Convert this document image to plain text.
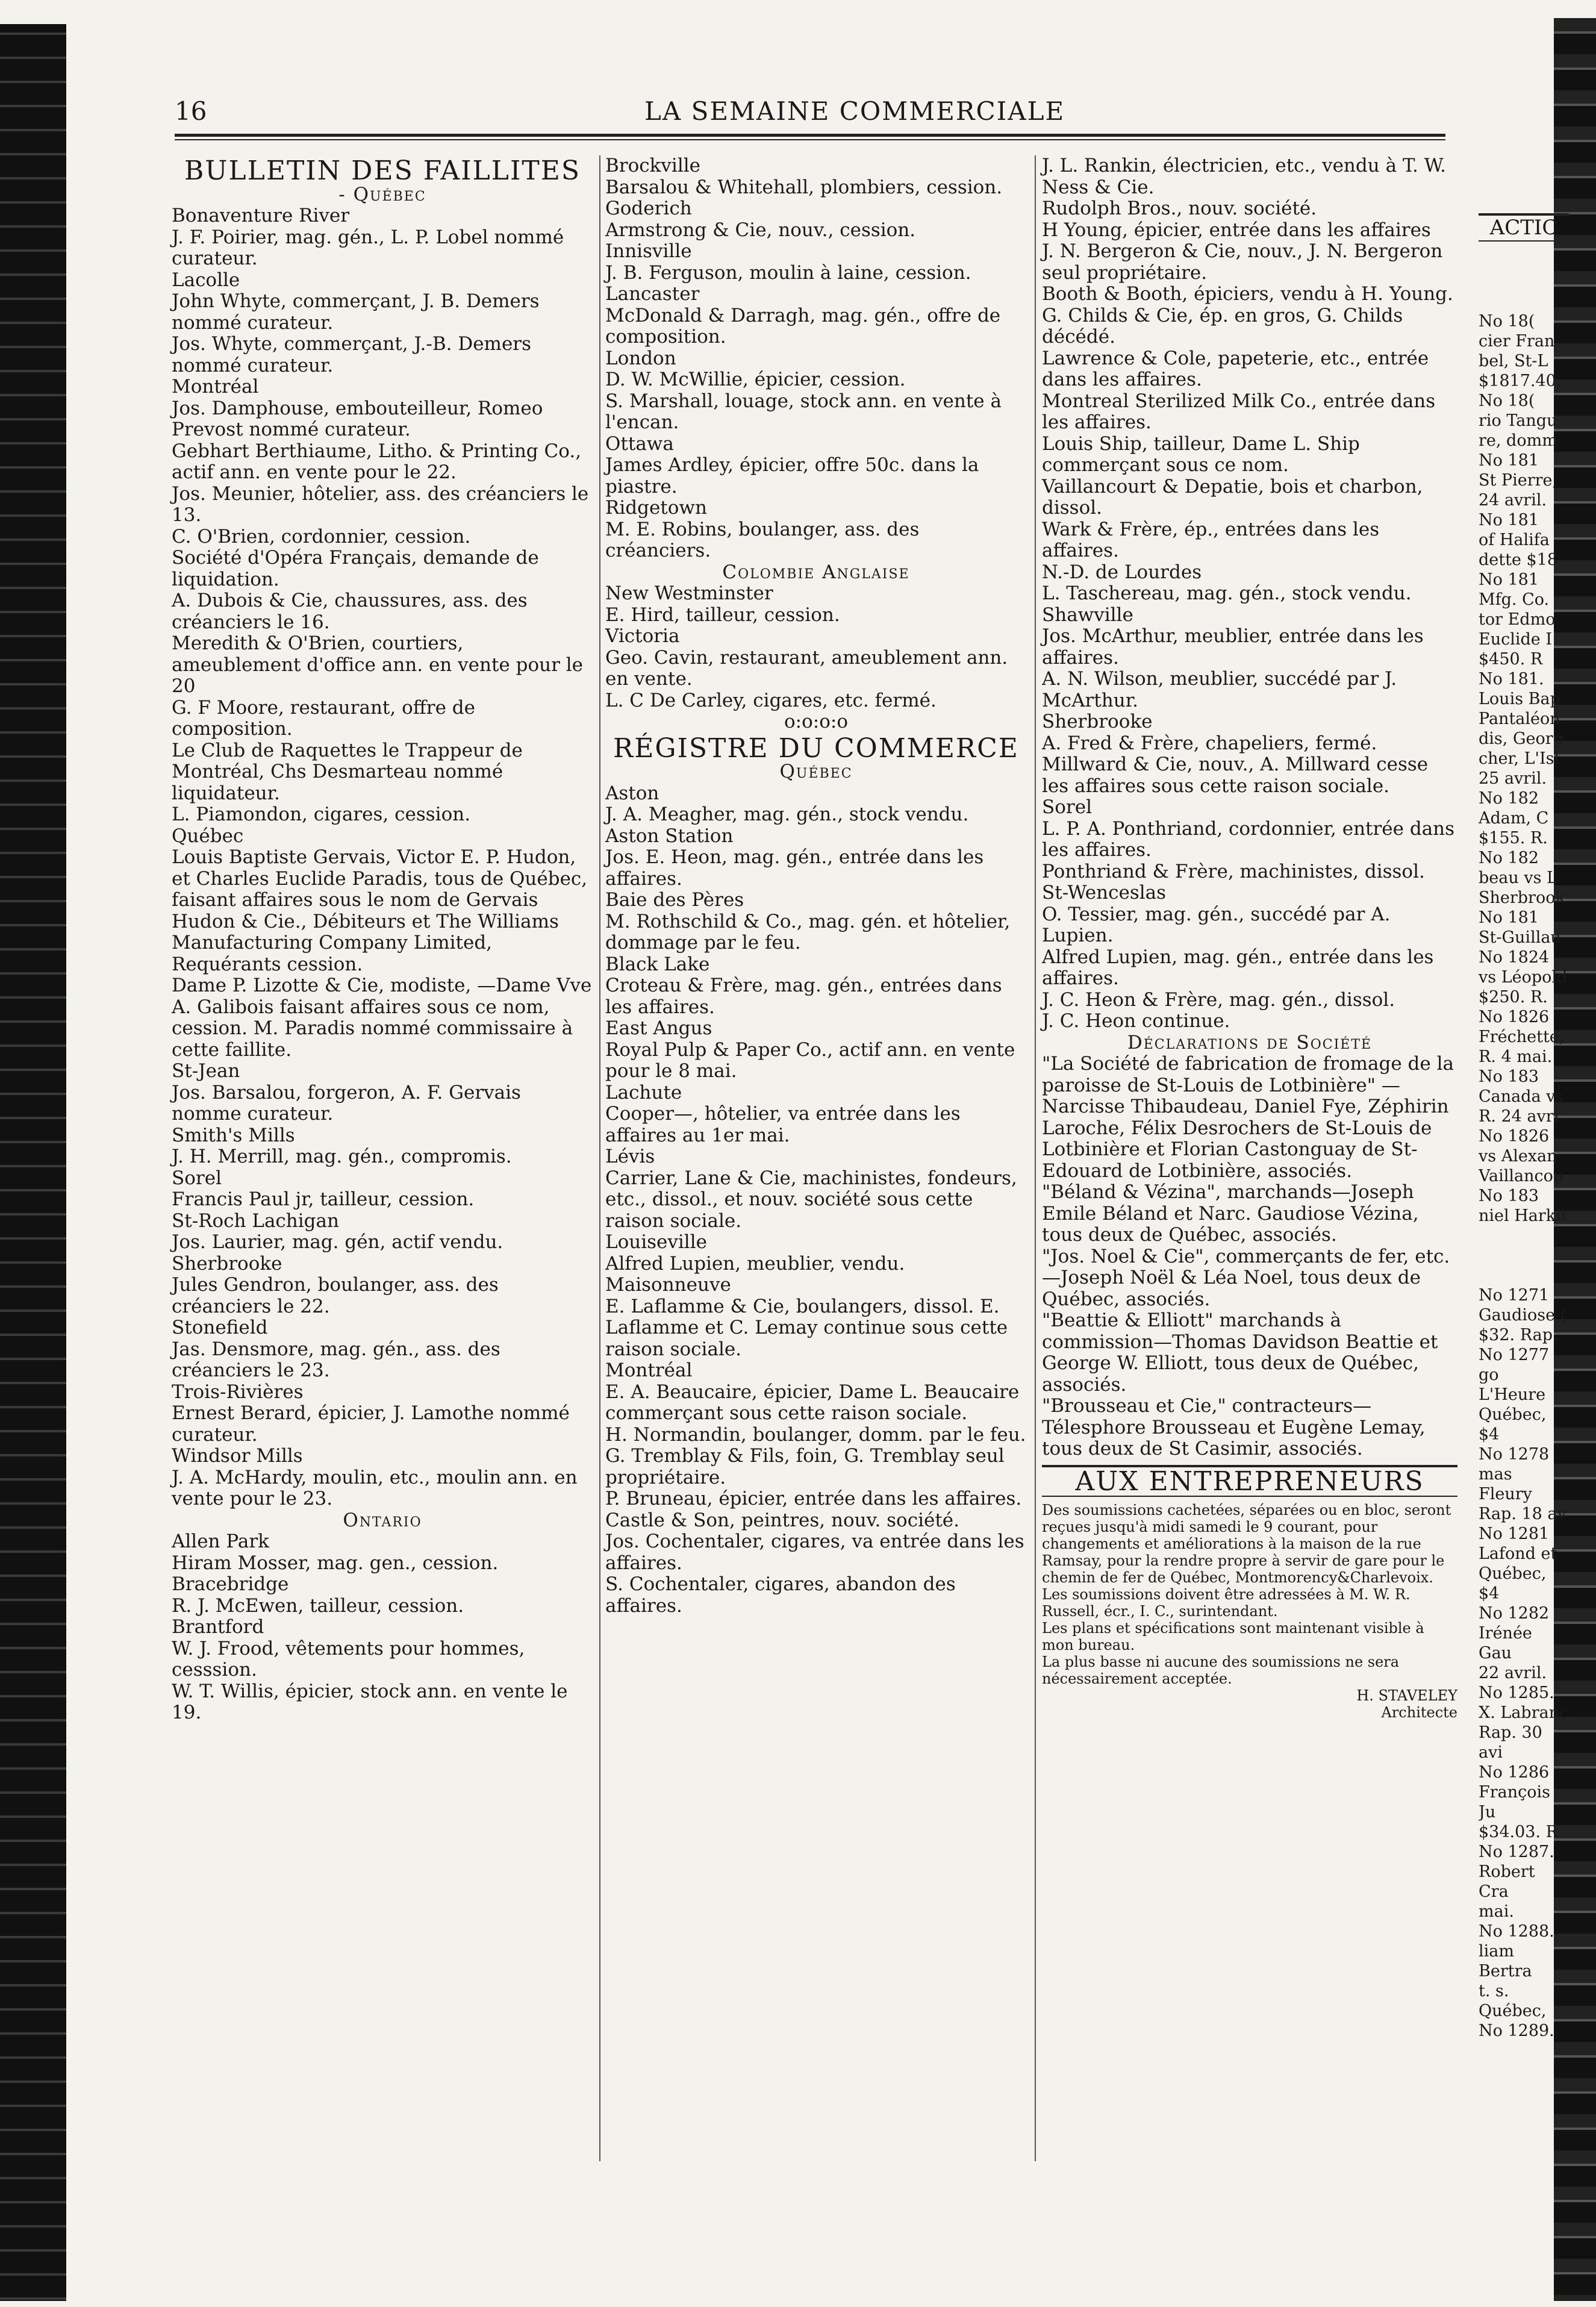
16	LA SEMAINE COMMERCIALE
BULLETIN DES FAILLITES
- Québec
Bonaventure River
J. F. Poirier, mag. gén., L. P. Lobel nommé curateur.
Lacolle
John Whyte, commerçant, J. B. Demers nommé curateur.
Jos. Whyte, commerçant, J.-B. Demers nommé curateur.
Montréal
Jos. Damphouse, embouteilleur, Romeo Prevost nommé curateur.
Gebhart Berthiaume, Litho. & Printing Co., actif ann. en vente pour le 22.
Jos. Meunier, hôtelier, ass. des créanciers le 13.
C. O'Brien, cordonnier, cession.
Société d'Opéra Français, demande de liquidation.
A. Dubois & Cie, chaussures, ass. des créanciers le 16.
Meredith & O'Brien, courtiers, ameublement d'office ann. en vente pour le 20
G. F Moore, restaurant, offre de composition.
Le Club de Raquettes le Trappeur de Montréal, Chs Desmarteau nommé liquidateur.
L. Piamondon, cigares, cession.
Québec
Louis Baptiste Gervais, Victor E. P. Hudon, et Charles Euclide Paradis, tous de Québec, faisant affaires sous le nom de Gervais Hudon & Cie., Débiteurs et The Williams Manufacturing Company Limited, Requérants cession.
Dame P. Lizotte & Cie, modiste, —Dame Vve A. Galibois faisant affaires sous ce nom, cession. M. Paradis nommé commissaire à cette faillite.
St-Jean
Jos. Barsalou, forgeron, A. F. Gervais nomme curateur.
Smith's Mills
J. H. Merrill, mag. gén., compromis.
Sorel
Francis Paul jr, tailleur, cession.
St-Roch Lachigan
Jos. Laurier, mag. gén, actif vendu.
Sherbrooke
Jules Gendron, boulanger, ass. des créanciers le 22.
Stonefield
Jas. Densmore, mag. gén., ass. des créanciers le 23.
Trois-Rivières
Ernest Berard, épicier, J. Lamothe nommé curateur.
Windsor Mills
J. A. McHardy, moulin, etc., moulin ann. en vente pour le 23.
Ontario
Allen Park
Hiram Mosser, mag. gen., cession.
Bracebridge
R. J. McEwen, tailleur, cession.
Brantford
W. J. Frood, vêtements pour hommes, cesssion.
W. T. Willis, épicier, stock ann. en vente le 19.
Brockville
Barsalou & Whitehall, plombiers, cession.
Goderich
Armstrong & Cie, nouv., cession.
Innisville
J. B. Ferguson, moulin à laine, cession.
Lancaster
McDonald & Darragh, mag. gén., offre de composition.
London
D. W. McWillie, épicier, cession.
S. Marshall, louage, stock ann. en vente à l'encan.
Ottawa
James Ardley, épicier, offre 50c. dans la piastre.
Ridgetown
M. E. Robins, boulanger, ass. des créanciers.
Colombie Anglaise
New Westminster
E. Hird, tailleur, cession.
Victoria
Geo. Cavin, restaurant, ameublement ann. en vente.
L. C De Carley, cigares, etc. fermé.
o:o:o:o
RÉGISTRE DU COMMERCE
Québec
Aston
J. A. Meagher, mag. gén., stock vendu.
Aston Station
Jos. E. Heon, mag. gén., entrée dans les affaires.
Baie des Pères
M. Rothschild & Co., mag. gén. et hôtelier, dommage par le feu.
Black Lake
Croteau & Frère, mag. gén., entrées dans les affaires.
East Angus
Royal Pulp & Paper Co., actif ann. en vente pour le 8 mai.
Lachute
Cooper—, hôtelier, va entrée dans les affaires au 1er mai.
Lévis
Carrier, Lane & Cie, machinistes, fondeurs, etc., dissol., et nouv. société sous cette raison sociale.
Louiseville
Alfred Lupien, meublier, vendu.
Maisonneuve
E. Laflamme & Cie, boulangers, dissol. E. Laflamme et C. Lemay continue sous cette raison sociale.
Montréal
E. A. Beaucaire, épicier, Dame L. Beaucaire commerçant sous cette raison sociale.
H. Normandin, boulanger, domm. par le feu.
G. Tremblay & Fils, foin, G. Tremblay seul propriétaire.
P. Bruneau, épicier, entrée dans les affaires.
Castle & Son, peintres, nouv. société.
Jos. Cochentaler, cigares, va entrée dans les affaires.
S. Cochentaler, cigares, abandon des affaires.
J. L. Rankin, électricien, etc., vendu à T. W. Ness & Cie.
Rudolph Bros., nouv. société.
H Young, épicier, entrée dans les affaires
J. N. Bergeron & Cie, nouv., J. N. Bergeron seul propriétaire.
Booth & Booth, épiciers, vendu à H. Young.
G. Childs & Cie, ép. en gros, G. Childs décédé.
Lawrence & Cole, papeterie, etc., entrée dans les affaires.
Montreal Sterilized Milk Co., entrée dans les affaires.
Louis Ship, tailleur, Dame L. Ship commerçant sous ce nom.
Vaillancourt & Depatie, bois et charbon, dissol.
Wark & Frère, ép., entrées dans les affaires.
N.-D. de Lourdes
L. Taschereau, mag. gén., stock vendu.
Shawville
Jos. McArthur, meublier, entrée dans les affaires.
A. N. Wilson, meublier, succédé par J. McArthur.
Sherbrooke
A. Fred & Frère, chapeliers, fermé.
Millward & Cie, nouv., A. Millward cesse les affaires sous cette raison sociale.
Sorel
L. P. A. Ponthriand, cordonnier, entrée dans les affaires.
Ponthriand & Frère, machinistes, dissol.
St-Wenceslas
O. Tessier, mag. gén., succédé par A. Lupien.
Alfred Lupien, mag. gén., entrée dans les affaires.
J. C. Heon & Frère, mag. gén., dissol.
J. C. Heon continue.
Déclarations de Société
"La Société de fabrication de fromage de la paroisse de St-Louis de Lotbinière" —Narcisse Thibaudeau, Daniel Fye, Zéphirin Laroche, Félix Desrochers de St-Louis de Lotbinière et Florian Castonguay de St-Edouard de Lotbinière, associés.
"Béland & Vézina", marchands—Joseph Emile Béland et Narc. Gaudiose Vézina, tous deux de Québec, associés.
"Jos. Noel & Cie", commerçants de fer, etc. —Joseph Noël & Léa Noel, tous deux de Québec, associés.
"Beattie & Elliott" marchands à commission—Thomas Davidson Beattie et George W. Elliott, tous deux de Québec, associés.
"Brousseau et Cie," contracteurs—Télesphore Brousseau et Eugène Lemay, tous deux de St Casimir, associés.
AUX ENTREPRENEURS
Des soumissions cachetées, séparées ou en bloc, seront reçues jusqu'à midi samedi le 9 courant, pour changements et améliorations à la maison de la rue Ramsay, pour la rendre propre à servir de gare pour le chemin de fer de Québec, Montmorency&Charlevoix. Les soumissions doivent être adressées à M. W. R. Russell, écr., I. C., surintendant.
Les plans et spécifications sont maintenant visible à mon bureau.
La plus basse ni aucune des soumissions ne sera nécessairement acceptée.
H. STAVELEY
Architecte

ACTIC

No 18(
cier Fran
bel, St-L
$1817.40.
No 18(
rio Tangu
re, domm
No 181
St Pierre,
24 avril.
No 181
of Halifa
dette $18
No 181
Mfg. Co.
tor Edmo
Euclide I
$450. R
No 181.
Louis Bap
Pantaléon
dis, Georg
cher, L'Isl
25 avril.
No 182
Adam, C
$155. R.
No 182
beau vs L
Sherbrook
No 181
St-Guillau
No 1824
vs Léopold
$250. R.
No 1826
Fréchette,
R. 4 mai.
No 183
Canada vs
R. 24 avri
No 1826
vs Alexan
Vaillancou
No 183
niel Harkii

No 1271
Gaudiose (
$32. Rap.
No 1277
go L'Heure
Québec, $4
No 1278
mas Fleury
Rap. 18 av
No 1281
Lafond et
Québec, $4
No 1282
Irénée Gau
22 avril.
No 1285.
X. Labranc
Rap. 30 avi
No 1286
François Ju
$34.03. R
No 1287.
Robert Cra
mai.
No 1288.
liam Bertra
t. s. Québec,
No 1289.
